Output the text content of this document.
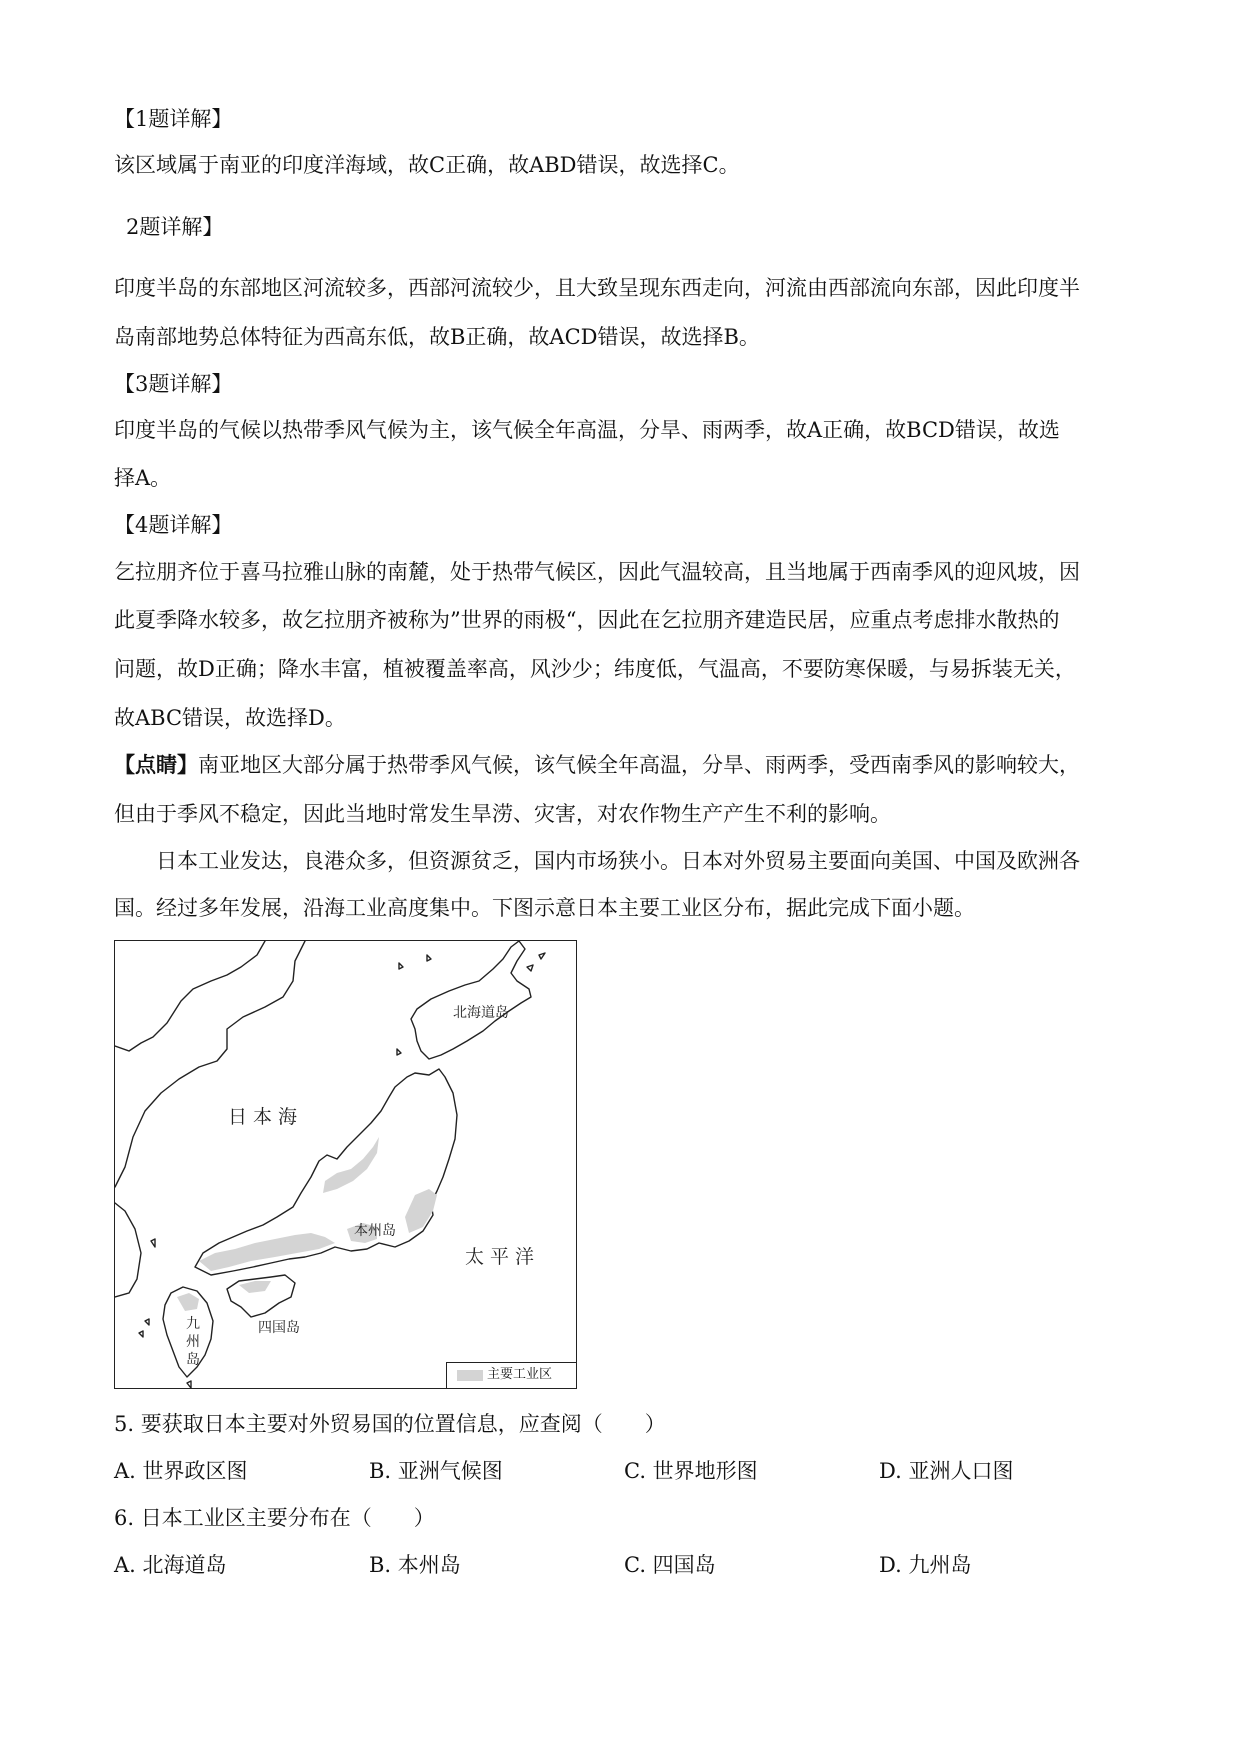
【1题详解】
该区域属于南亚的印度洋海域，故C正确，故ABD错误，故选择C。
2题详解】
印度半岛的东部地区河流较多，西部河流较少，且大致呈现东西走向，河流由西部流向东部，因此印度半
岛南部地势总体特征为西高东低，故B正确，故ACD错误，故选择B。
【3题详解】
印度半岛的气候以热带季风气候为主，该气候全年高温，分旱、雨两季，故A正确，故BCD错误，故选
择A。
【4题详解】
乞拉朋齐位于喜马拉雅山脉的南麓，处于热带气候区，因此气温较高，且当地属于西南季风的迎风坡，因
此夏季降水较多，故乞拉朋齐被称为”世界的雨极“，因此在乞拉朋齐建造民居，应重点考虑排水散热的
问题，故D正确；降水丰富，植被覆盖率高，风沙少；纬度低，气温高，不要防寒保暖，与易拆装无关，
故ABC错误，故选择D。
【点睛】南亚地区大部分属于热带季风气候，该气候全年高温，分旱、雨两季，受西南季风的影响较大，
但由于季风不稳定，因此当地时常发生旱涝、灾害，对农作物生产产生不利的影响。
日本工业发达，良港众多，但资源贫乏，国内市场狭小。日本对外贸易主要面向美国、中国及欧洲各
国。经过多年发展，沿海工业高度集中。下图示意日本主要工业区分布，据此完成下面小题。
日本海
太平洋
北海道岛
本州岛
四国岛
九
州
岛
主要工业区
5. 要获取日本主要对外贸易国的位置信息，应查阅（　　）
A. 世界政区图	B. 亚洲气候图	C. 世界地形图	D. 亚洲人口图
6. 日本工业区主要分布在（　　）
A. 北海道岛	B. 本州岛	C. 四国岛	D. 九州岛
